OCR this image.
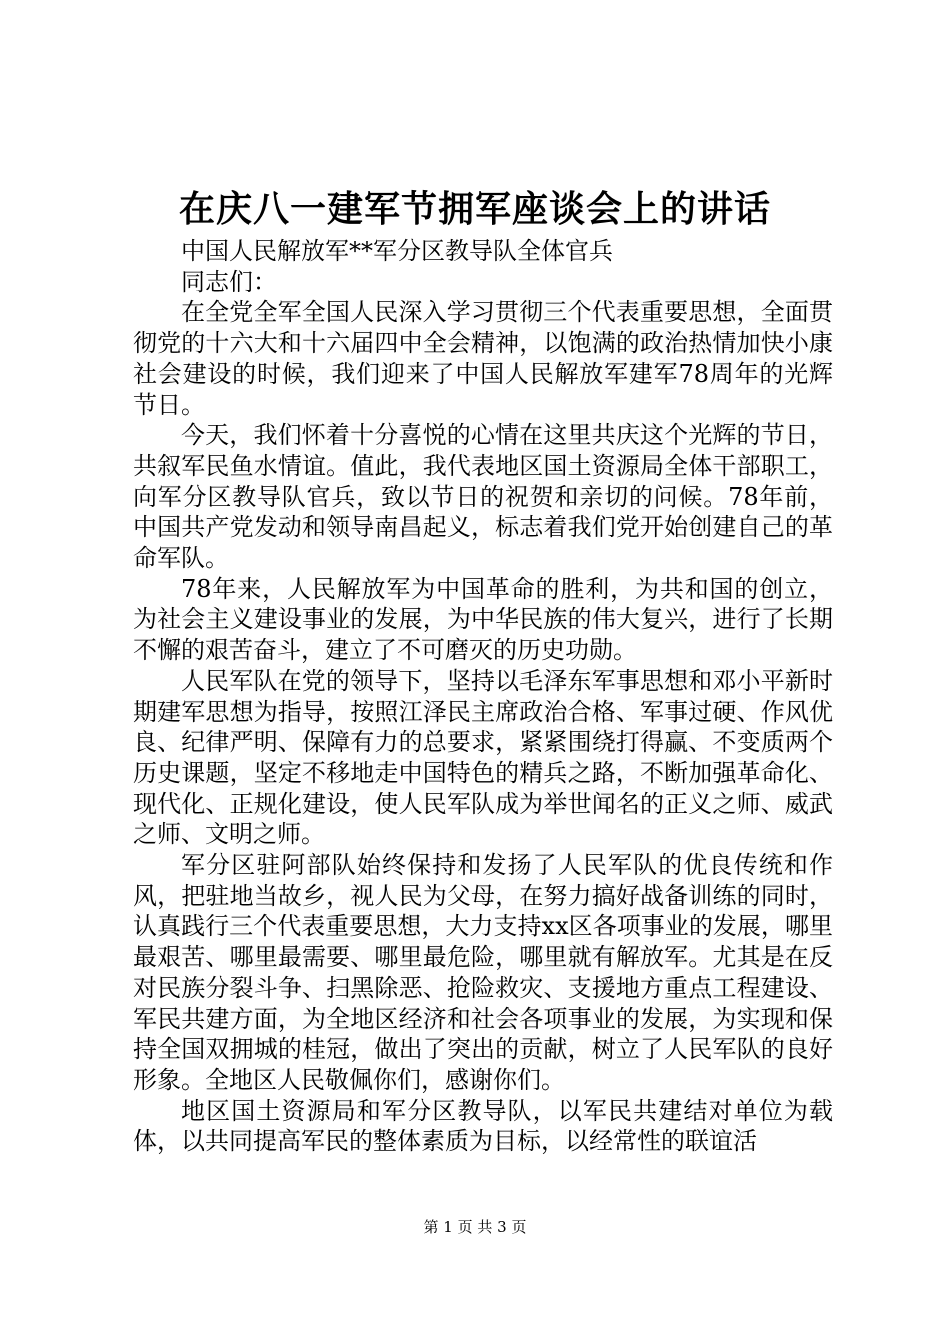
在庆八一建军节拥军座谈会上的讲话

中国人民解放军**军分区教导队全体官兵

同志们：

在全党全军全国人民深入学习贯彻三个代表重要思想，全面贯彻党的十六大和十六届四中全会精神，以饱满的政治热情加快小康社会建设的时候，我们迎来了中国人民解放军建军78周年的光辉节日。

今天，我们怀着十分喜悦的心情在这里共庆这个光辉的节日，共叙军民鱼水情谊。值此，我代表地区国土资源局全体干部职工，向军分区教导队官兵，致以节日的祝贺和亲切的问候。78年前，中国共产党发动和领导南昌起义，标志着我们党开始创建自己的革命军队。

78年来，人民解放军为中国革命的胜利，为共和国的创立，为社会主义建设事业的发展，为中华民族的伟大复兴，进行了长期不懈的艰苦奋斗，建立了不可磨灭的历史功勋。

人民军队在党的领导下，坚持以毛泽东军事思想和邓小平新时期建军思想为指导，按照江泽民主席政治合格、军事过硬、作风优良、纪律严明、保障有力的总要求，紧紧围绕打得赢、不变质两个历史课题，坚定不移地走中国特色的精兵之路，不断加强革命化、现代化、正规化建设，使人民军队成为举世闻名的正义之师、威武之师、文明之师。

军分区驻阿部队始终保持和发扬了人民军队的优良传统和作风，把驻地当故乡，视人民为父母，在努力搞好战备训练的同时，认真践行三个代表重要思想，大力支持xx区各项事业的发展，哪里最艰苦、哪里最需要、哪里最危险，哪里就有解放军。尤其是在反对民族分裂斗争、扫黑除恶、抢险救灾、支援地方重点工程建设、军民共建方面，为全地区经济和社会各项事业的发展，为实现和保持全国双拥城的桂冠，做出了突出的贡献，树立了人民军队的良好形象。全地区人民敬佩你们，感谢你们。

地区国土资源局和军分区教导队，以军民共建结对单位为载体，以共同提高军民的整体素质为目标，以经常性的联谊活

第 1 页 共 3 页
